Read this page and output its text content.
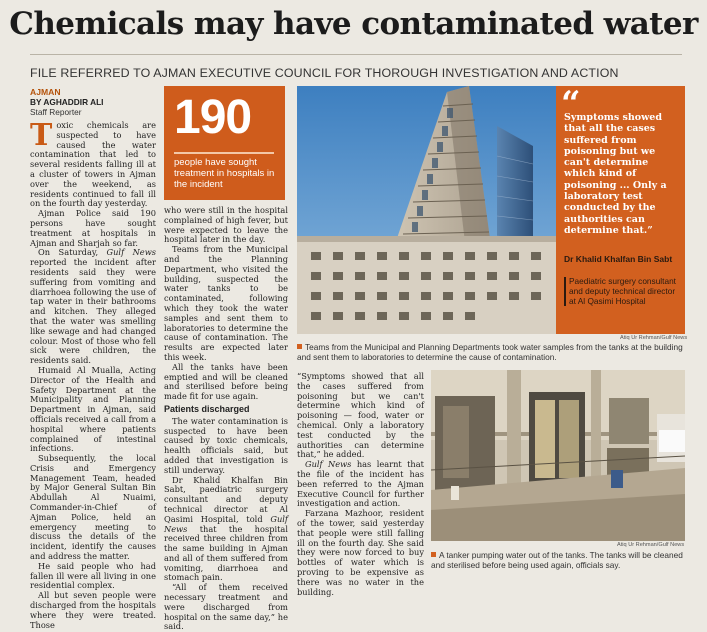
Chemicals may have contaminated water
FILE REFERRED TO AJMAN EXECUTIVE COUNCIL FOR THOROUGH INVESTIGATION AND ACTION
AJMAN
BY AGHADDIR ALI
Staff Reporter

Toxic chemicals are suspected to have caused the water contamination that led to several residents falling ill at a cluster of towers in Ajman over the weekend, as residents continued to fall ill on the fourth day yesterday.

Ajman Police said 190 persons have sought treatment at hospitals in Ajman and Sharjah so far.

On Saturday, Gulf News reported the incident after residents said they were suffering from vomiting and diarrhoea following the use of tap water in their bathrooms and kitchen. They alleged that the water was smelling like sewage and had changed colour. Most of those who fell sick were children, the residents said.

Humaid Al Mualla, Acting Director of the Health and Safety Department at the Municipality and Planning Department in Ajman, said officials received a call from a hospital where patients complained of intestinal infections.

Subsequently, the local Crisis and Emergency Management Team, headed by Major General Sultan Bin Abdullah Al Nuaimi, Commander-in-Chief of Ajman Police, held an emergency meeting to discuss the details of the incident, identify the causes and address the matter.

He said people who had fallen ill were all living in one residential complex.

All but seven people were discharged from the hospitals where they were treated. Those

190
people have sought treatment in hospitals in the incident

who were still in the hospital complained of high fever, but were expected to leave the hospital later in the day.

Teams from the Municipal and the Planning Department, who visited the building, suspected the water tanks to be contaminated, following which they took the water samples and sent them to laboratories to determine the cause of contamination. The results are expected later this week.

All the tanks have been emptied and will be cleaned and sterilised before being made fit for use again.

Patients discharged

The water contamination is suspected to have been caused by toxic chemicals, health officials said, but added that investigation is still underway.

Dr Khalid Khalfan Bin Sabt, paediatric surgery consultant and deputy technical director at Al Qasimi Hospital, told Gulf News that the hospital received three children from the same building in Ajman and all of them suffered from vomiting, diarrhoea and stomach pain.

“All of them received necessary treatment and were discharged from hospital on the same day,” he said.

“
Symptoms showed that all the cases suffered from poisoning but we can't determine which kind of poisoning ... Only a laboratory test conducted by the authorities can determine that.”
Dr Khalid Khalfan Bin Sabt
Paediatric surgery consultant and deputy technical director at Al Qasimi Hospital
Atiq Ur Rehman/Gulf News
Teams from the Municipal and Planning Departments took water samples from the tanks at the building and sent them to laboratories to determine the cause of contamination.

“Symptoms showed that all the cases suffered from poisoning but we can't determine which kind of poisoning — food, water or chemical. Only a laboratory test conducted by the authorities can determine that,” he added.

Gulf News has learnt that the file of the incident has been referred to the Ajman Executive Council for further investigation and action.

Farzana Mazhoor, resident of the tower, said yesterday that people were still falling ill on the fourth day. She said they were now forced to buy bottles of water which is proving to be expensive as there was no water in the building.

Atiq Ur Rehman/Gulf News
A tanker pumping water out of the tanks. The tanks will be cleaned and sterilised before being used again, officials say.
